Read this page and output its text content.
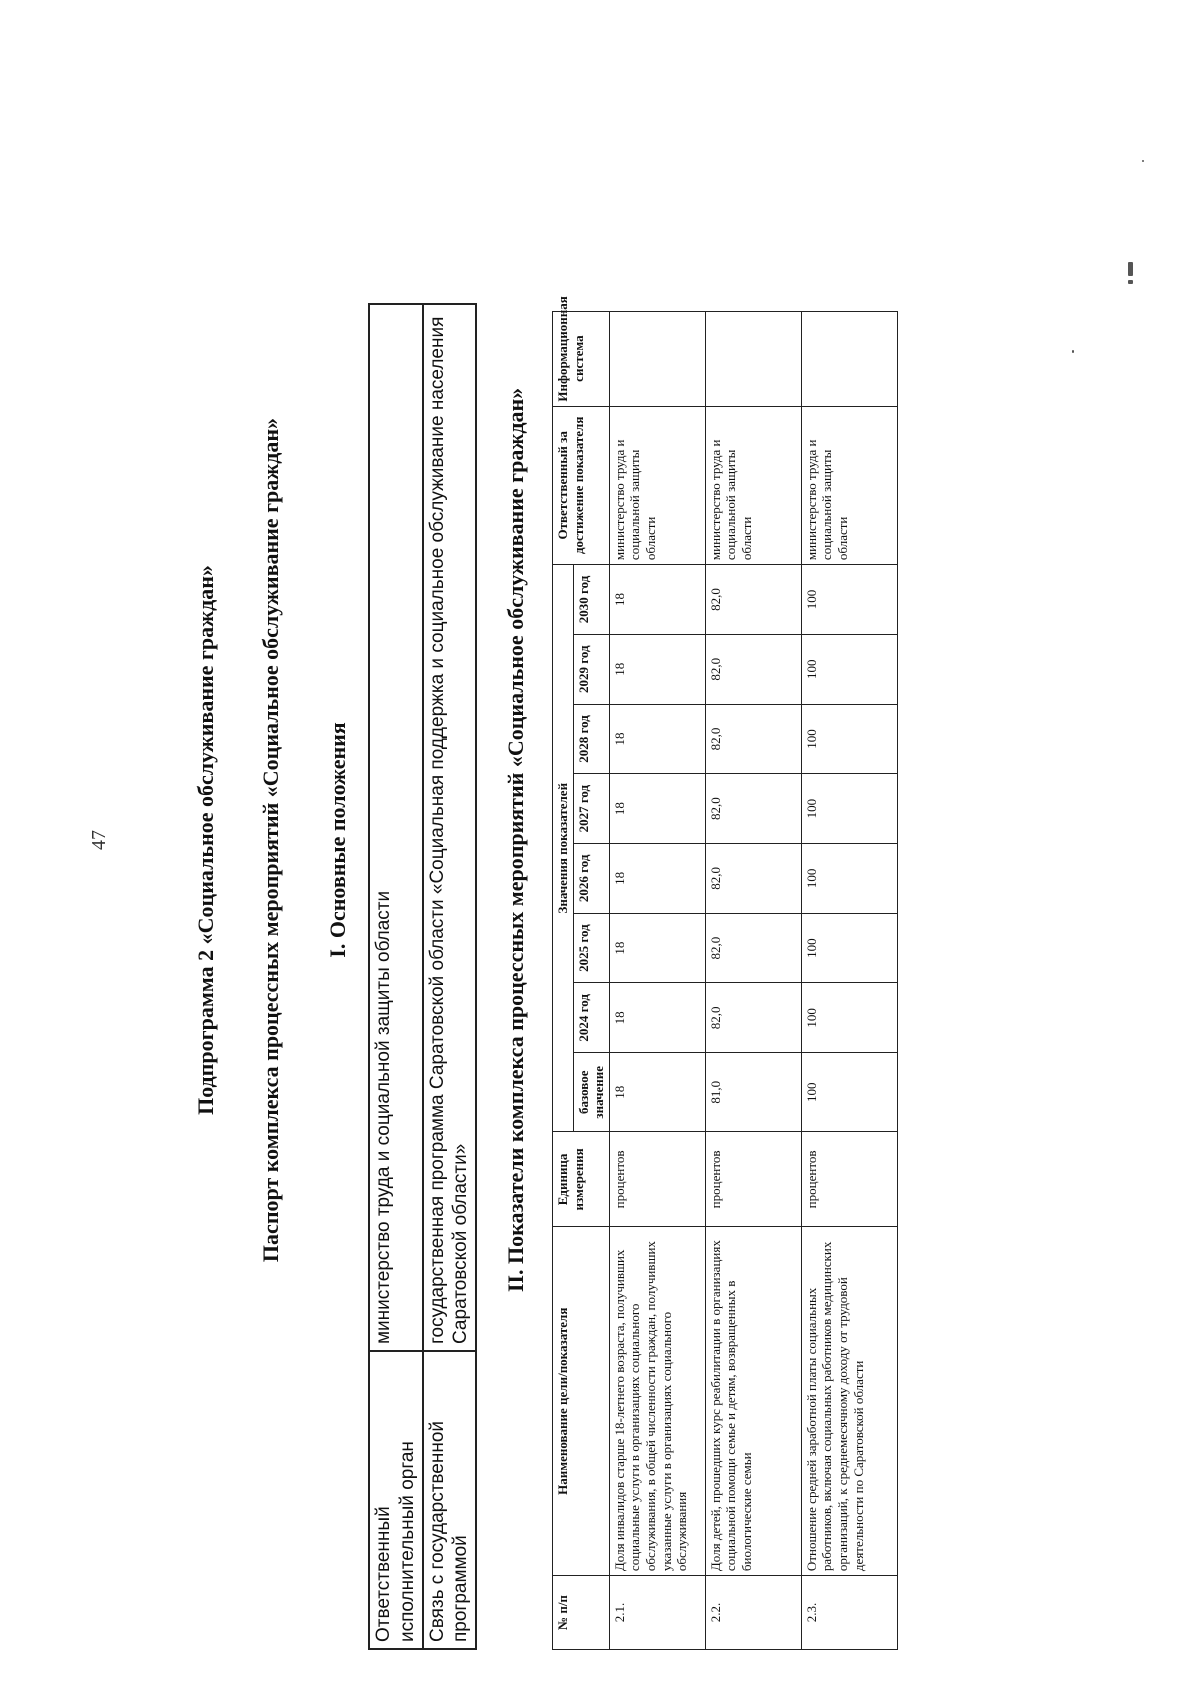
47	Подпрограмма 2 «Социальное обслуживание граждан» Паспорт комплекса процессных мероприятий «Социальное обслуживание граждан» I. Основные положения
Ответственный исполнительный орган	министерство труда и социальной защиты области
Связь с государственной программой	государственная программа Саратовской области «Социальная поддержка и социальное обслуживание населения Саратовской области» II. Показатели комплекса процессных мероприятий «Социальное обслуживание граждан»
№ п/п	Наименование цели/показателя	Единица измерения	Значения показателей								Ответственный за достижение показателя	Информационная система	
			базовое значение	2024 год	2025 год	2026 год	2027 год	2028 год	2029 год	2030 год			
2.1.	Доля инвалидов старше 18-летнего возраста, получивших социальные услуги в организациях социального обслуживания, в общей численности граждан, получивших указанные услуги в организациях социального обслуживания	процентов	18	18	18	18	18	18	18	18	министерство труда и социальной защиты области		
2.2.	Доля детей, прошедших курс реабилитации в организациях социальной помощи семье и детям, возвращенных в биологические семьи	процентов	81,0	82,0	82,0	82,0	82,0	82,0	82,0	82,0	министерство труда и социальной защиты области		
2.3.	Отношение средней заработной платы социальных работников, включая социальных работников медицинских организаций, к среднемесячному доходу от трудовой деятельности по Саратовской области	процентов	100	100	100	100	100	100	100	100	министерство труда и социальной защиты области		
